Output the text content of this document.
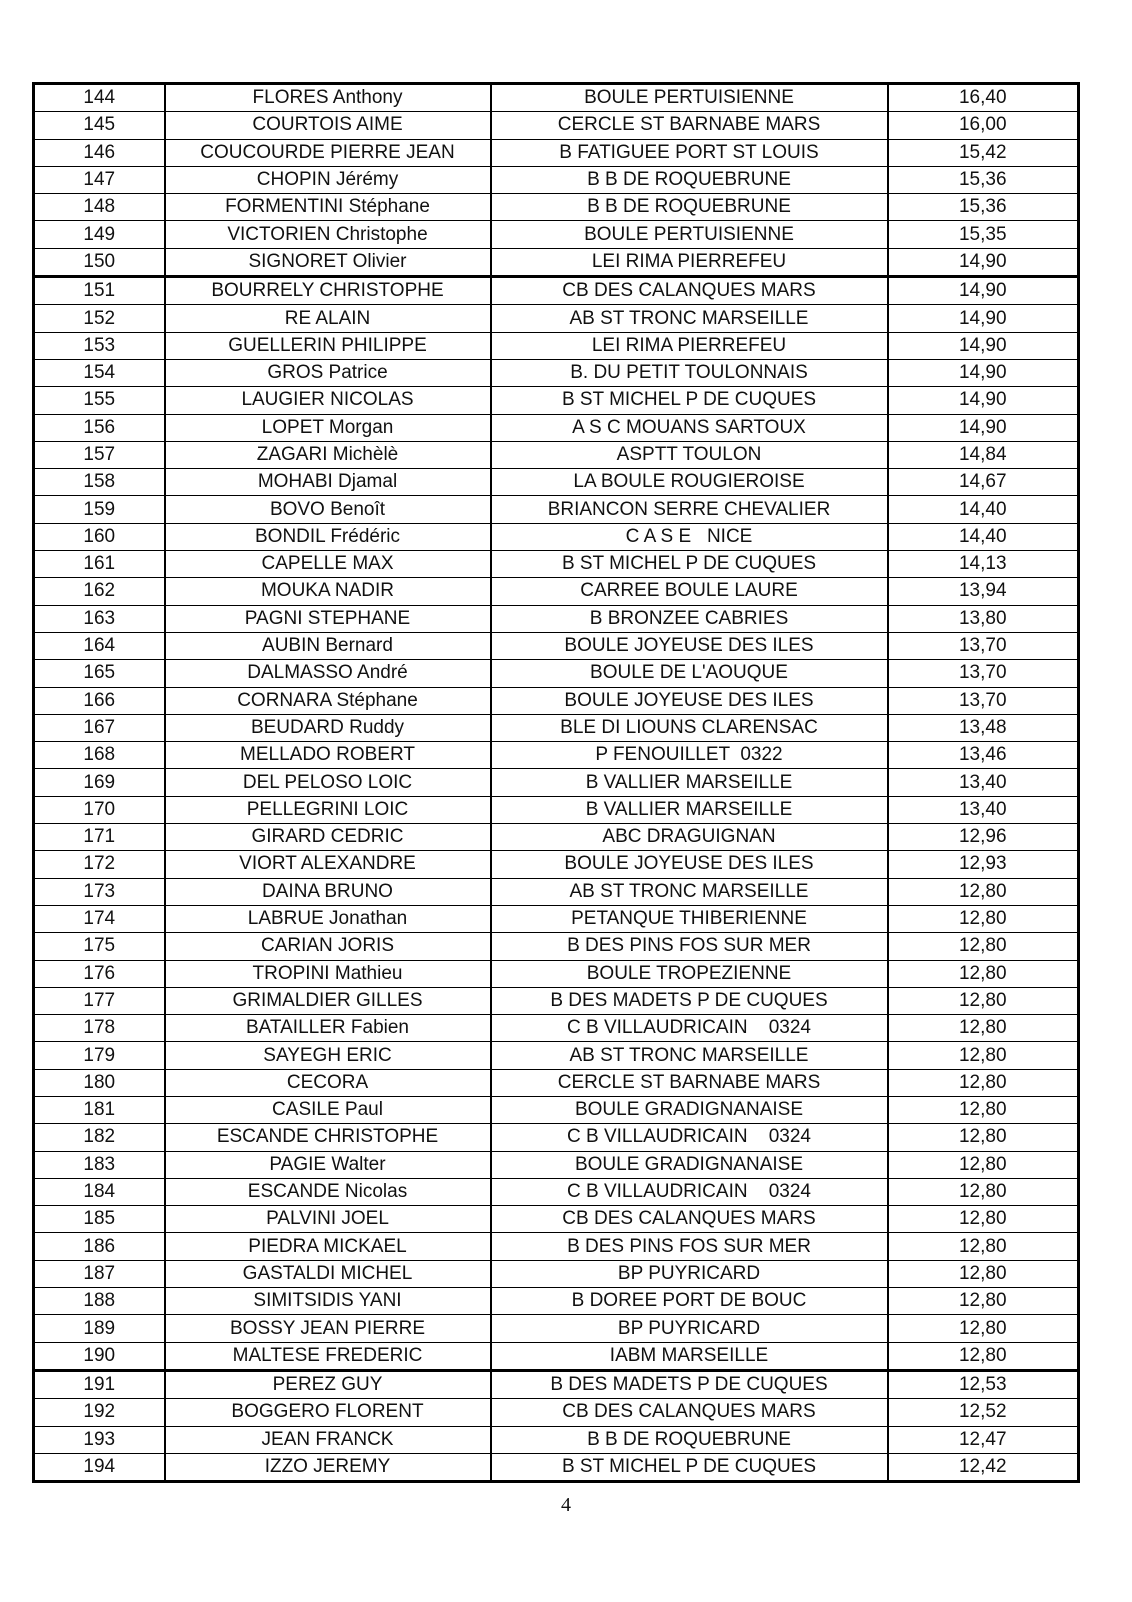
144	FLORES Anthony	BOULE PERTUISIENNE	16,40
145	COURTOIS AIME	CERCLE ST BARNABE MARS	16,00
146	COUCOURDE PIERRE JEAN	B FATIGUEE PORT ST LOUIS	15,42
147	CHOPIN Jérémy	B B DE ROQUEBRUNE	15,36
148	FORMENTINI Stéphane	B B DE ROQUEBRUNE	15,36
149	VICTORIEN Christophe	BOULE PERTUISIENNE	15,35
150	SIGNORET Olivier	LEI RIMA PIERREFEU	14,90
151	BOURRELY CHRISTOPHE	CB DES CALANQUES MARS	14,90
152	RE ALAIN	AB ST TRONC MARSEILLE	14,90
153	GUELLERIN PHILIPPE	LEI RIMA PIERREFEU	14,90
154	GROS Patrice	B. DU PETIT TOULONNAIS	14,90
155	LAUGIER NICOLAS	B ST MICHEL P DE CUQUES	14,90
156	LOPET Morgan	A S C MOUANS SARTOUX	14,90
157	ZAGARI Michèlè	ASPTT TOULON	14,84
158	MOHABI Djamal	LA BOULE ROUGIEROISE	14,67
159	BOVO Benoît	BRIANCON SERRE CHEVALIER	14,40
160	BONDIL Frédéric	C A S E   NICE	14,40
161	CAPELLE MAX	B ST MICHEL P DE CUQUES	14,13
162	MOUKA NADIR	CARREE BOULE LAURE	13,94
163	PAGNI STEPHANE	B BRONZEE CABRIES	13,80
164	AUBIN Bernard	BOULE JOYEUSE DES ILES	13,70
165	DALMASSO André	BOULE DE L'AOUQUE	13,70
166	CORNARA Stéphane	BOULE JOYEUSE DES ILES	13,70
167	BEUDARD Ruddy	BLE DI LIOUNS CLARENSAC	13,48
168	MELLADO ROBERT	P FENOUILLET  0322	13,46
169	DEL PELOSO LOIC	B VALLIER MARSEILLE	13,40
170	PELLEGRINI LOIC	B VALLIER MARSEILLE	13,40
171	GIRARD CEDRIC	ABC DRAGUIGNAN	12,96
172	VIORT ALEXANDRE	BOULE JOYEUSE DES ILES	12,93
173	DAINA BRUNO	AB ST TRONC MARSEILLE	12,80
174	LABRUE Jonathan	PETANQUE THIBERIENNE	12,80
175	CARIAN JORIS	B DES PINS FOS SUR MER	12,80
176	TROPINI Mathieu	BOULE TROPEZIENNE	12,80
177	GRIMALDIER GILLES	B DES MADETS P DE CUQUES	12,80
178	BATAILLER Fabien	C B VILLAUDRICAIN    0324	12,80
179	SAYEGH ERIC	AB ST TRONC MARSEILLE	12,80
180	CECORA	CERCLE ST BARNABE MARS	12,80
181	CASILE Paul	BOULE GRADIGNANAISE	12,80
182	ESCANDE CHRISTOPHE	C B VILLAUDRICAIN    0324	12,80
183	PAGIE Walter	BOULE GRADIGNANAISE	12,80
184	ESCANDE Nicolas	C B VILLAUDRICAIN    0324	12,80
185	PALVINI JOEL	CB DES CALANQUES MARS	12,80
186	PIEDRA MICKAEL	B DES PINS FOS SUR MER	12,80
187	GASTALDI MICHEL	BP PUYRICARD	12,80
188	SIMITSIDIS YANI	B DOREE PORT DE BOUC	12,80
189	BOSSY JEAN PIERRE	BP PUYRICARD	12,80
190	MALTESE FREDERIC	IABM MARSEILLE	12,80
191	PEREZ GUY	B DES MADETS P DE CUQUES	12,53
192	BOGGERO FLORENT	CB DES CALANQUES MARS	12,52
193	JEAN FRANCK	B B DE ROQUEBRUNE	12,47
194	IZZO JEREMY	B ST MICHEL P DE CUQUES	12,42
4
